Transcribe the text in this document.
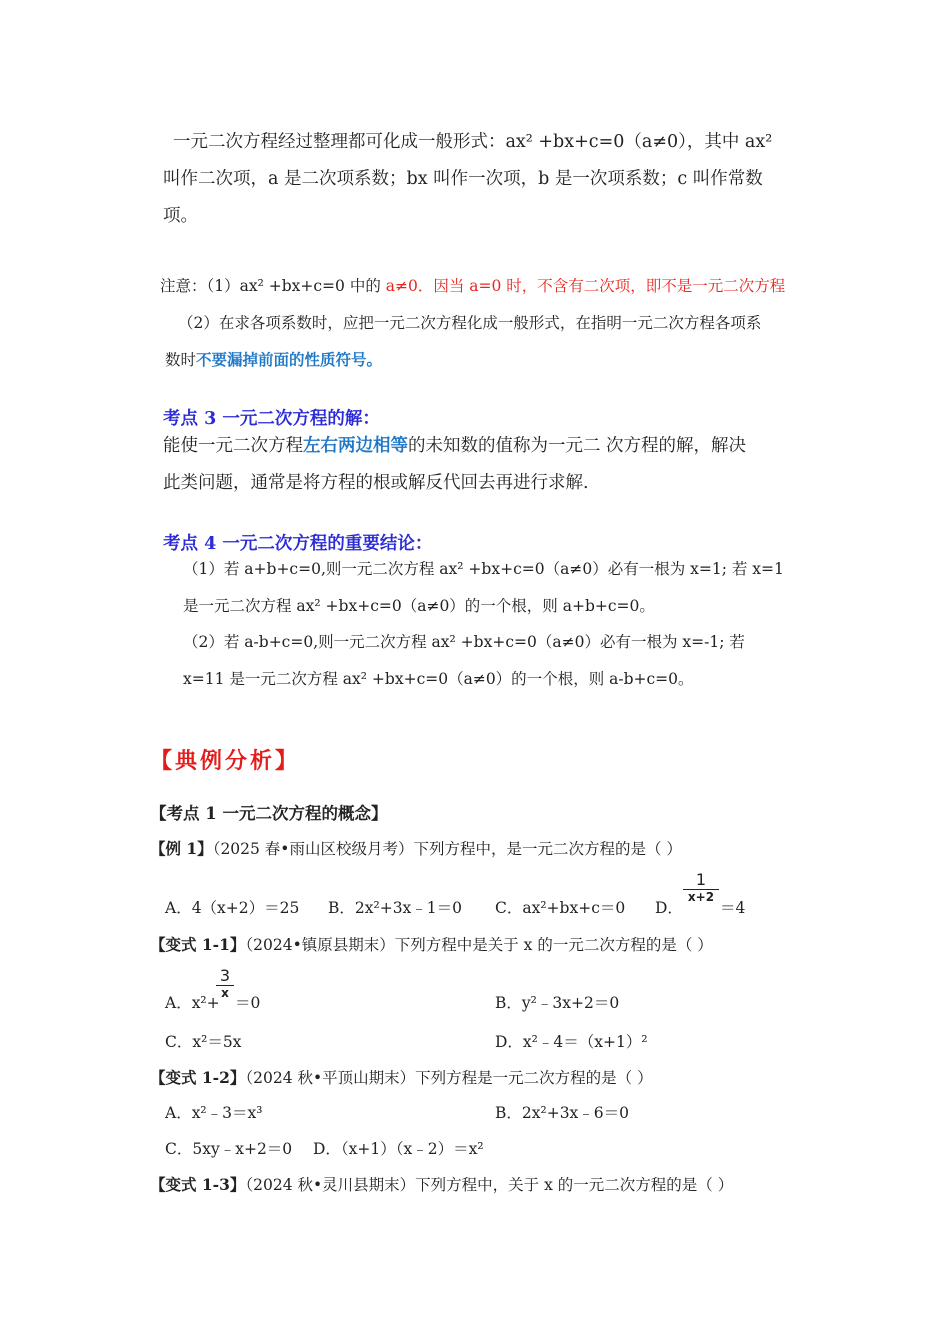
一元二次方程经过整理都可化成一般形式：ax² +bx+c=0（a≠0），其中 ax²
叫作二次项，a 是二次项系数；bx 叫作一次项，b 是一次项系数；c 叫作常数
项。
注意：（1）ax² +bx+c=0 中的 a≠0．因当 a=0 时，不含有二次项，即不是一元二次方程
（2）在求各项系数时，应把一元二次方程化成一般形式，在指明一元二次方程各项系
数时不要漏掉前面的性质符号。
考点 3 一元二次方程的解：
能使一元二次方程左右两边相等的未知数的值称为一元二 次方程的解，解决
此类问题，通常是将方程的根或解反代回去再进行求解.
考点 4 一元二次方程的重要结论：
（1）若 a+b+c=0,则一元二次方程 ax² +bx+c=0（a≠0）必有一根为 x=1; 若 x=1
是一元二次方程 ax² +bx+c=0（a≠0）的一个根，则 a+b+c=0。
（2）若 a-b+c=0,则一元二次方程 ax² +bx+c=0（a≠0）必有一根为 x=-1; 若
x=11 是一元二次方程 ax² +bx+c=0（a≠0）的一个根，则 a-b+c=0。
【典例分析】
【考点 1 一元二次方程的概念】
【例 1】（2025 春•雨山区校级月考）下列方程中，是一元二次方程的是（ ）
A．4（x+2）＝25 B．2x²+3x﹣1＝0 C．ax²+bx+c＝0 D．
1
x+2
＝4
【变式 1-1】（2024•镇原县期末）下列方程中是关于 x 的一元二次方程的是（ ）
A．x²+
3
x
＝0	B．y²﹣3x+2＝0
C．x²＝5x	D．x²﹣4＝（x+1）²
【变式 1-2】（2024 秋•平顶山期末）下列方程是一元二次方程的是（ ）
A．x²﹣3＝x³	B．2x²+3x﹣6＝0
C．5xy﹣x+2＝0 D．（x+1）（x﹣2）＝x²
【变式 1-3】（2024 秋•灵川县期末）下列方程中，关于 x 的一元二次方程的是（ ）
